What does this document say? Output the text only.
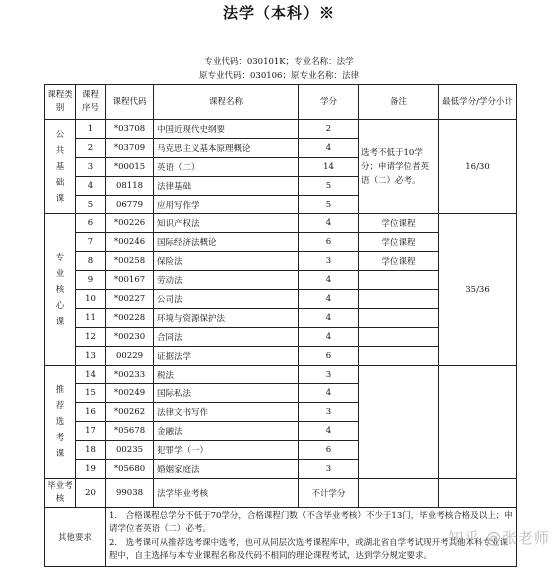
法学（本科）※
专业代码：030101K；专业名称：法学
原专业代码：030106；原专业名称：法律
课程类别	课程序号	课程代码	课程名称	学分	备注	最低学分/学分小计

公
共
基
础
课	1	*03708	中国近现代史纲要	2	选考不低于10学分；申请学位者英语（二）必考。	16/30
	2	*03709	马克思主义基本原理概论	4		
	3	*00015	英语（二）	14		
	4	08118	法律基础	5		
	5	06779	应用写作学	5		

专
业
核
心
课	6	*00226	知识产权法	4	学位课程	35/36
	7	*00246	国际经济法概论	6	学位课程	
	8	*00258	保险法	3	学位课程	
	9	*00167	劳动法	4		
	10	*00227	公司法	4		
	11	*00228	环境与资源保护法	4		
	12	*00230	合同法	4		
	13	00229	证据法学	6		

推
荐
选
考
课	14	*00233	税法	3		
	15	*00249	国际私法	4		
	16	*00262	法律文书写作	3		
	17	*05678	金融法	4		
	18	00235	犯罪学（一）	6		
	19	*05680	婚姻家庭法	3		
毕业考核	20	99038	法学毕业考核	不计学分		
其他要求		1.　合格课程总学分不低于70学分，合格课程门数（不含毕业考核）不少于13门，毕业考核合格及以上；申请学位者英语（二）必考。
2.　选考课可从推荐选考课中选考，也可从同层次选考课程库中，或湖北省自学考试现开考其他本科专业课程中，自主选择与本专业课程名称及代码不相同的理论课程考试，达到学分规定要求。				
知乎 @张老师
